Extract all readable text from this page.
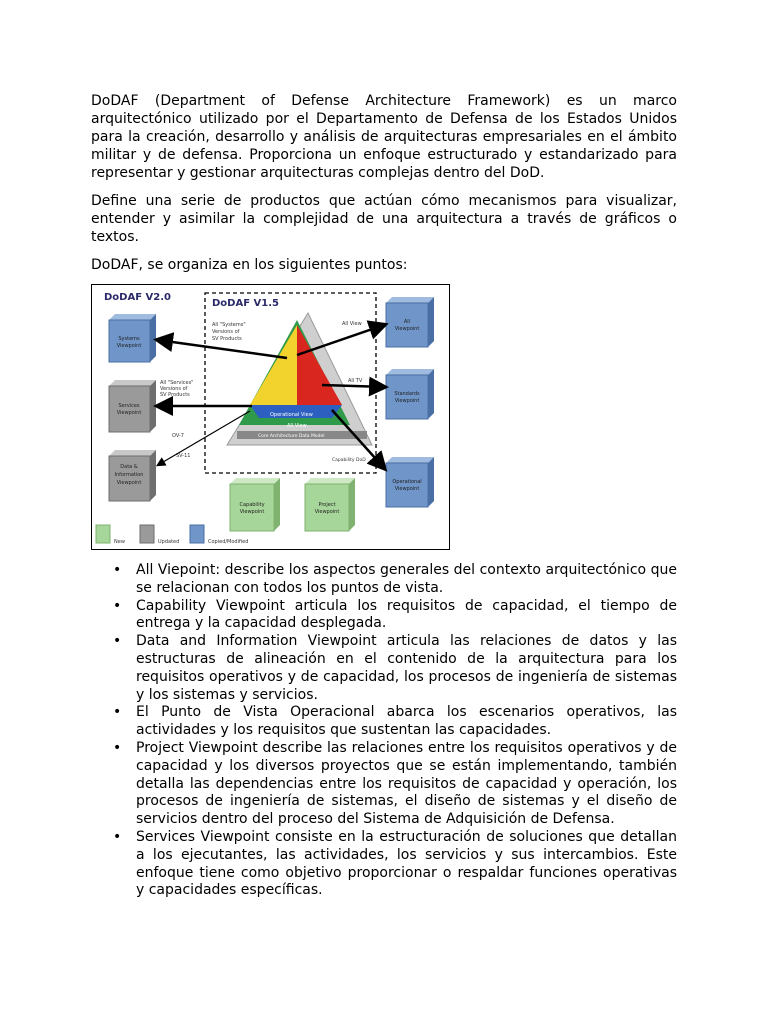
DoDAF (Department of Defense Architecture Framework) es un marco arquitectónico utilizado por el Departamento de Defensa de los Estados Unidos para la creación, desarrollo y análisis de arquitecturas empresariales en el ámbito militar y de defensa. Proporciona un enfoque estructurado y estandarizado para representar y gestionar arquitecturas complejas dentro del DoD.

Define una serie de productos que actúan cómo mecanismos para visualizar, entender y asimilar la complejidad de una arquitectura a través de gráficos o textos.

DoDAF, se organiza en los siguientes puntos:

DoDAF V2.0
DoDAF V1.5
Operational View
All View
Core Architecture Data Model
All "Systems"
Versions of
SV Products
All "Services"
Versions of
SV Products
OV-7
SV-11
All View
All TV
Capability DoD
Systems
Viewpoint
Services
Viewpoint
Data &
Information
Viewpoint
All
Viewpoint
Standards
Viewpoint
Operational
Viewpoint
Capability
Viewpoint
Project
Viewpoint
New	Updated	Copied/Modified
• All Viepoint: describe los aspectos generales del contexto arquitectónico que se relacionan con todos los puntos de vista.
• Capability Viewpoint articula los requisitos de capacidad, el tiempo de entrega y la capacidad desplegada.
• Data and Information Viewpoint articula las relaciones de datos y las estructuras de alineación en el contenido de la arquitectura para los requisitos operativos y de capacidad, los procesos de ingeniería de sistemas y los sistemas y servicios.
• El Punto de Vista Operacional abarca los escenarios operativos, las actividades y los requisitos que sustentan las capacidades.
• Project Viewpoint describe las relaciones entre los requisitos operativos y de capacidad y los diversos proyectos que se están implementando, también detalla las dependencias entre los requisitos de capacidad y operación, los procesos de ingeniería de sistemas, el diseño de sistemas y el diseño de servicios dentro del proceso del Sistema de Adquisición de Defensa.
• Services Viewpoint consiste en la estructuración de soluciones que detallan a los ejecutantes, las actividades, los servicios y sus intercambios. Este enfoque tiene como objetivo proporcionar o respaldar funciones operativas y capacidades específicas.
